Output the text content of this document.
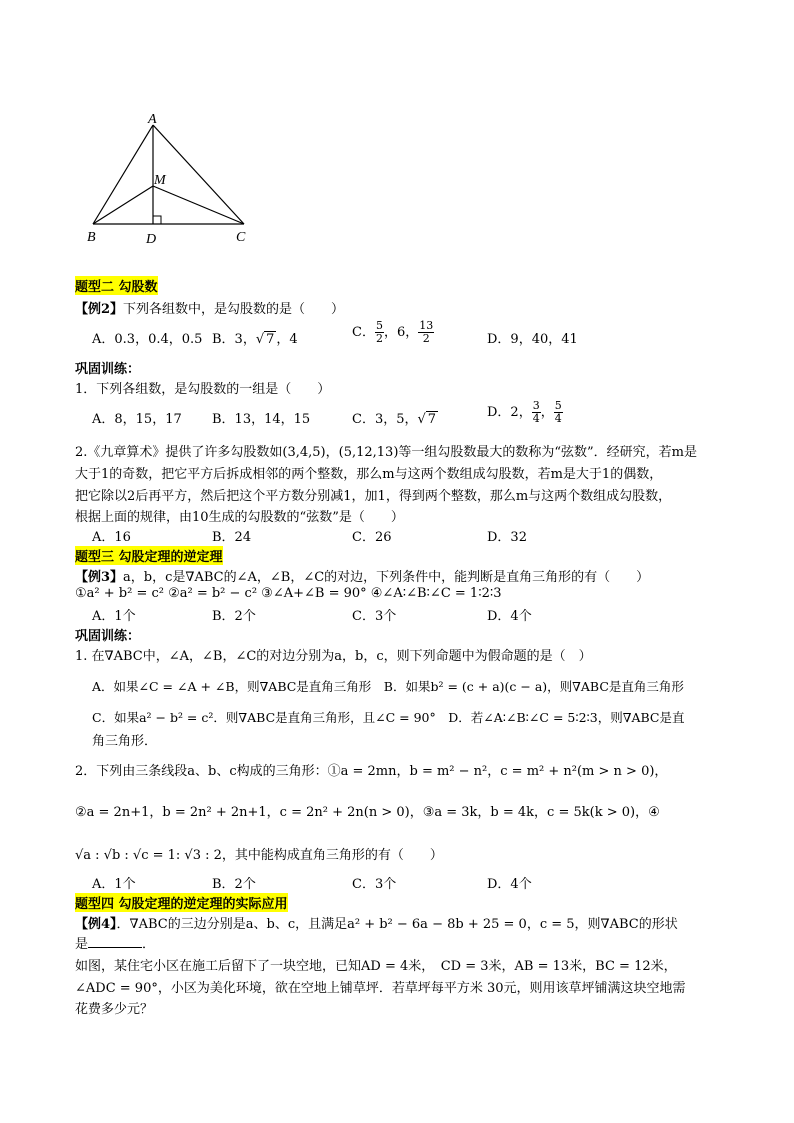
A
M
B	D	C
题型二 勾股数
【例2】下列各组数中，是勾股数的是（　　）
A．0.3，0.4，0.5 B．3，√ 7 ，4	C． $\frac{5}{2}$ ，6， $\frac{13}{2}$	D．9，40，41
巩固训练：
1．下列各组数，是勾股数的一组是（　　）
A．8，15，17 B．13，14，15	C．3，5，√ 7	D．2， $\frac{3}{4}$ ， $\frac{5}{4}$
2.《九章算术》提供了许多勾股数如(3,4,5)，(5,12,13)等一组勾股数最大的数称为“弦数”．经研究，若m是
大于1的奇数，把它平方后拆成相邻的两个整数，那么m与这两个数组成勾股数，若m是大于1的偶数，
把它除以2后再平方，然后把这个平方数分别减1，加1，得到两个整数，那么m与这两个数组成勾股数，
根据上面的规律，由10生成的勾股数的“弦数”是（　　）
A．16	B．24	C．26	D．32
题型三 勾股定理的逆定理
【例3】a，b，c是∇ABC的∠A，∠B，∠C的对边，下列条件中，能判断是直角三角形的有（　　）
①a² + b² = c² ②a² = b² − c² ③∠A+∠B = 90° ④∠A∶∠B∶∠C = 1∶2∶3
A．1个	B．2个	C．3个	D．4个
巩固训练：
1. 在∇ABC中，∠A，∠B，∠C的对边分别为a，b，c，则下列命题中为假命题的是（　）
A．如果∠C = ∠A + ∠B，则∇ABC是直角三角形　B．如果b² = (c + a)(c − a)，则∇ABC是直角三角形
C．如果a² − b² = c²．则∇ABC是直角三角形，且∠C = 90°　D．若∠A∶∠B∶∠C = 5∶2∶3，则∇ABC是直
角三角形．
2．下列由三条线段a、b、c构成的三角形：①a = 2mn，b = m² − n²，c = m² + n²(m > n > 0)，
②a = 2n+1，b = 2n² + 2n+1，c = 2n² + 2n(n > 0)，③a = 3k，b = 4k，c = 5k(k > 0)，④
√a : √b : √c = 1: √3 : 2，其中能构成直角三角形的有（　　）
A．1个	B．2个	C．3个	D．4个
题型四 勾股定理的逆定理的实际应用
【例4】．∇ABC的三边分别是a、b、c，且满足a² + b² − 6a − 8b + 25 = 0，c = 5，则∇ABC的形状
是	．
如图，某住宅小区在施工后留下了一块空地，已知AD = 4米，　CD = 3米，AB = 13米，BC = 12米，
∠ADC = 90°，小区为美化环境，欲在空地上铺草坪．若草坪每平方米 30元，则用该草坪铺满这块空地需
花费多少元？
